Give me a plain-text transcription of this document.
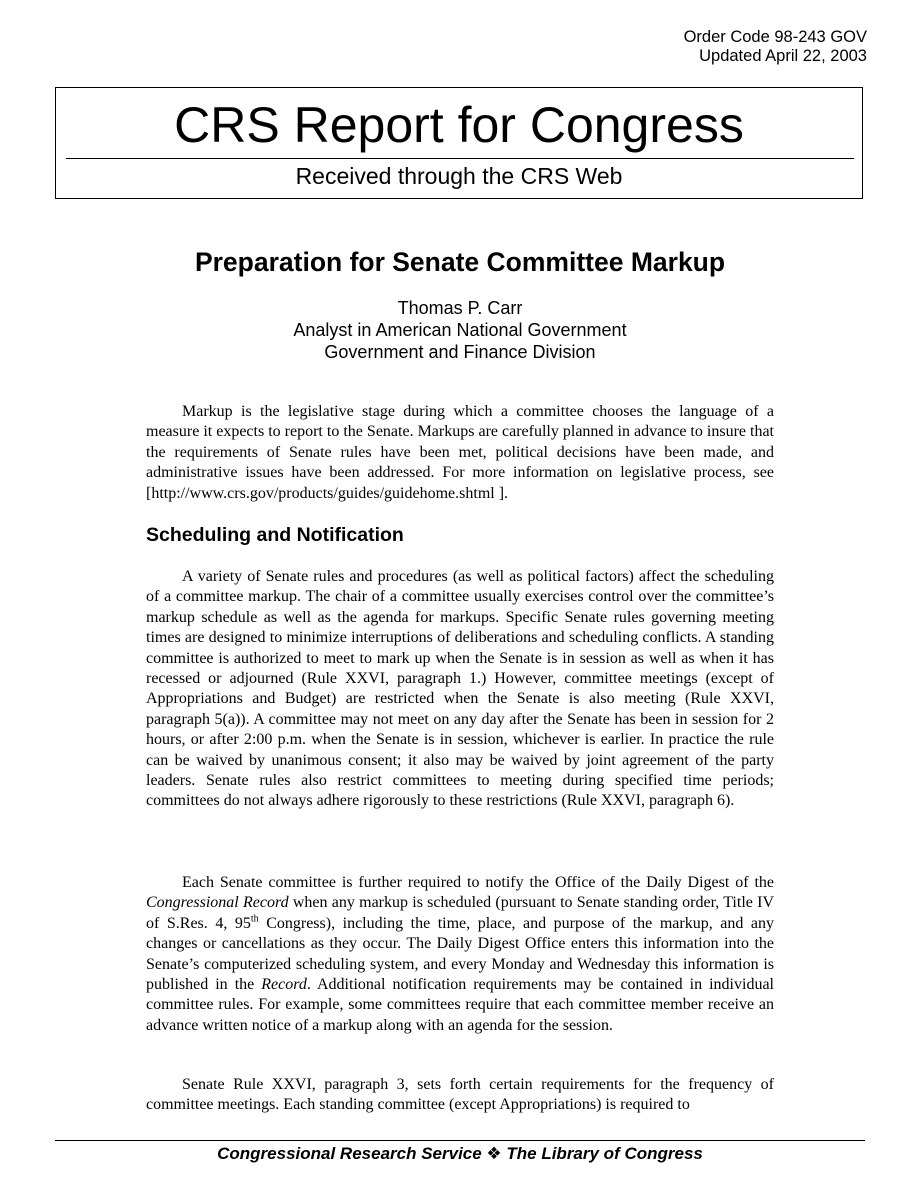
Order Code 98-243 GOV
Updated April 22, 2003
CRS Report for Congress
Received through the CRS Web
Preparation for Senate Committee Markup
Thomas P. Carr
Analyst in American National Government
Government and Finance Division

Markup is the legislative stage during which a committee chooses the language of a measure it expects to report to the Senate. Markups are carefully planned in advance to insure that the requirements of Senate rules have been met, political decisions have been made, and administrative issues have been addressed. For more information on legislative process, see [http://www.crs.gov/products/guides/guidehome.shtml ].

Scheduling and Notification

A variety of Senate rules and procedures (as well as political factors) affect the scheduling of a committee markup. The chair of a committee usually exercises control over the committee’s markup schedule as well as the agenda for markups. Specific Senate rules governing meeting times are designed to minimize interruptions of deliberations and scheduling conflicts. A standing committee is authorized to meet to mark up when the Senate is in session as well as when it has recessed or adjourned (Rule XXVI, paragraph 1.) However, committee meetings (except of Appropriations and Budget) are restricted when the Senate is also meeting (Rule XXVI, paragraph 5(a)). A committee may not meet on any day after the Senate has been in session for 2 hours, or after 2:00 p.m. when the Senate is in session, whichever is earlier. In practice the rule can be waived by unanimous consent; it also may be waived by joint agreement of the party leaders. Senate rules also restrict committees to meeting during specified time periods; committees do not always adhere rigorously to these restrictions (Rule XXVI, paragraph 6).

Each Senate committee is further required to notify the Office of the Daily Digest of the Congressional Record when any markup is scheduled (pursuant to Senate standing order, Title IV of S.Res. 4, 95th Congress), including the time, place, and purpose of the markup, and any changes or cancellations as they occur. The Daily Digest Office enters this information into the Senate’s computerized scheduling system, and every Monday and Wednesday this information is published in the Record. Additional notification requirements may be contained in individual committee rules. For example, some committees require that each committee member receive an advance written notice of a markup along with an agenda for the session.

Senate Rule XXVI, paragraph 3, sets forth certain requirements for the frequency of committee meetings. Each standing committee (except Appropriations) is required to

Congressional Research Service ❖ The Library of Congress
